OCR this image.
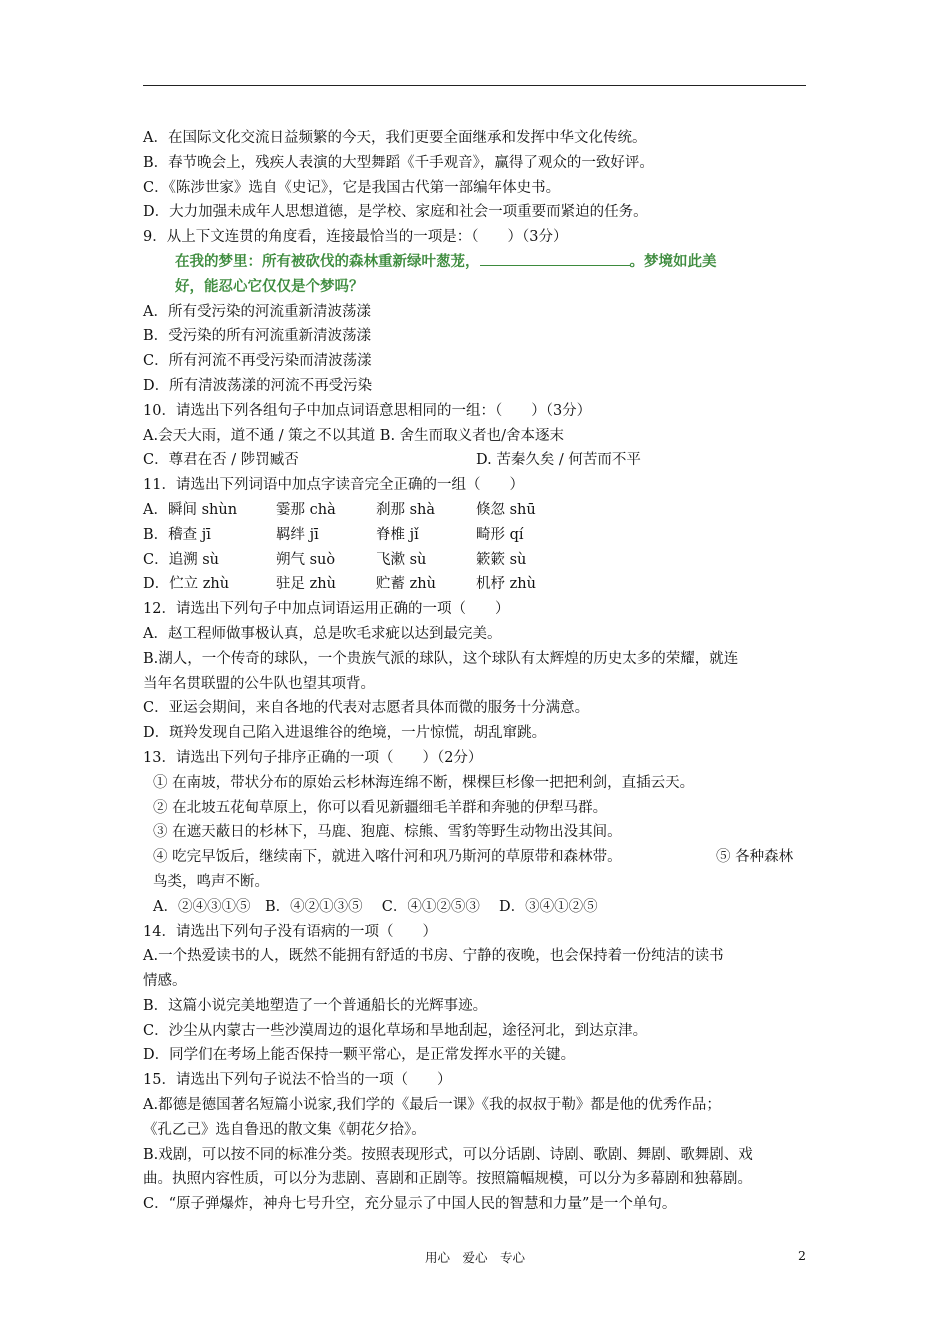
A．在国际文化交流日益频繁的今天，我们更要全面继承和发挥中华文化传统。
B．春节晚会上，残疾人表演的大型舞蹈《千手观音》，赢得了观众的一致好评。
C．《陈涉世家》选自《史记》，它是我国古代第一部编年体史书。
D．大力加强未成年人思想道德，是学校、家庭和社会一项重要而紧迫的任务。
9．从上下文连贯的角度看，连接最恰当的一项是：（　　）（3分）
在我的梦里：所有被砍伐的森林重新绿叶葱茏，	。梦境如此美
好，能忍心它仅仅是个梦吗？
A．所有受污染的河流重新清波荡漾
B．受污染的所有河流重新清波荡漾
C．所有河流不再受污染而清波荡漾
D．所有清波荡漾的河流不再受污染
10．请选出下列各组句子中加点词语意思相同的一组：（　　）（3分）
A.会天大雨，道不通 / 策之不以其道 B. 舍生而取义者也/舍本逐末
C．尊君在否 / 陟罚臧否	D. 苦秦久矣 / 何苦而不平
11．请选出下列词语中加点字读音完全正确的一组（　　）
A．瞬间 shùn	霎那 chà	刹那 shà	倏忽 shū
B．稽查 jī	羁绊 jī	脊椎 jǐ	畸形 qí
C．追溯 sù	朔气 suò	飞漱 sù	簌簌 sù
D．伫立 zhù	驻足 zhù	贮蓄 zhù	机杼 zhù
12．请选出下列句子中加点词语运用正确的一项（　　）
A．赵工程师做事极认真，总是吹毛求疵以达到最完美。
B.湖人，一个传奇的球队，一个贵族气派的球队，这个球队有太辉煌的历史太多的荣耀，就连
当年名贯联盟的公牛队也望其项背。
C．亚运会期间，来自各地的代表对志愿者具体而微的服务十分满意。
D．斑羚发现自己陷入进退维谷的绝境，一片惊慌，胡乱窜跳。
13．请选出下列句子排序正确的一项（　　）（2分）
① 在南坡，带状分布的原始云杉林海连绵不断，棵棵巨杉像一把把利剑，直插云天。
② 在北坡五花甸草原上，你可以看见新疆细毛羊群和奔驰的伊犁马群。
③ 在遮天蔽日的杉林下，马鹿、狍鹿、棕熊、雪豹等野生动物出没其间。
④ 吃完早饭后，继续南下，就进入喀什河和巩乃斯河的草原带和森林带。	⑤ 各种森林
鸟类，鸣声不断。
A．②④③①⑤　B．④②①③⑤　 C．④①②⑤③　 D．③④①②⑤
14．请选出下列句子没有语病的一项（　　）
A.一个热爱读书的人，既然不能拥有舒适的书房、宁静的夜晚，也会保持着一份纯洁的读书
情感。
B．这篇小说完美地塑造了一个普通船长的光辉事迹。
C．沙尘从内蒙古一些沙漠周边的退化草场和旱地刮起，途径河北，到达京津。
D．同学们在考场上能否保持一颗平常心，是正常发挥水平的关键。
15．请选出下列句子说法不恰当的一项（　　）
A.都德是德国著名短篇小说家,我们学的《最后一课》《我的叔叔于勒》都是他的优秀作品；
《孔乙己》选自鲁迅的散文集《朝花夕拾》。
B.戏剧，可以按不同的标准分类。按照表现形式，可以分话剧、诗剧、歌剧、舞剧、歌舞剧、戏
曲。执照内容性质，可以分为悲剧、喜剧和正剧等。按照篇幅规模，可以分为多幕剧和独幕剧。
C．“原子弹爆炸，神舟七号升空，充分显示了中国人民的智慧和力量”是一个单句。
用心　爱心　专心	2
